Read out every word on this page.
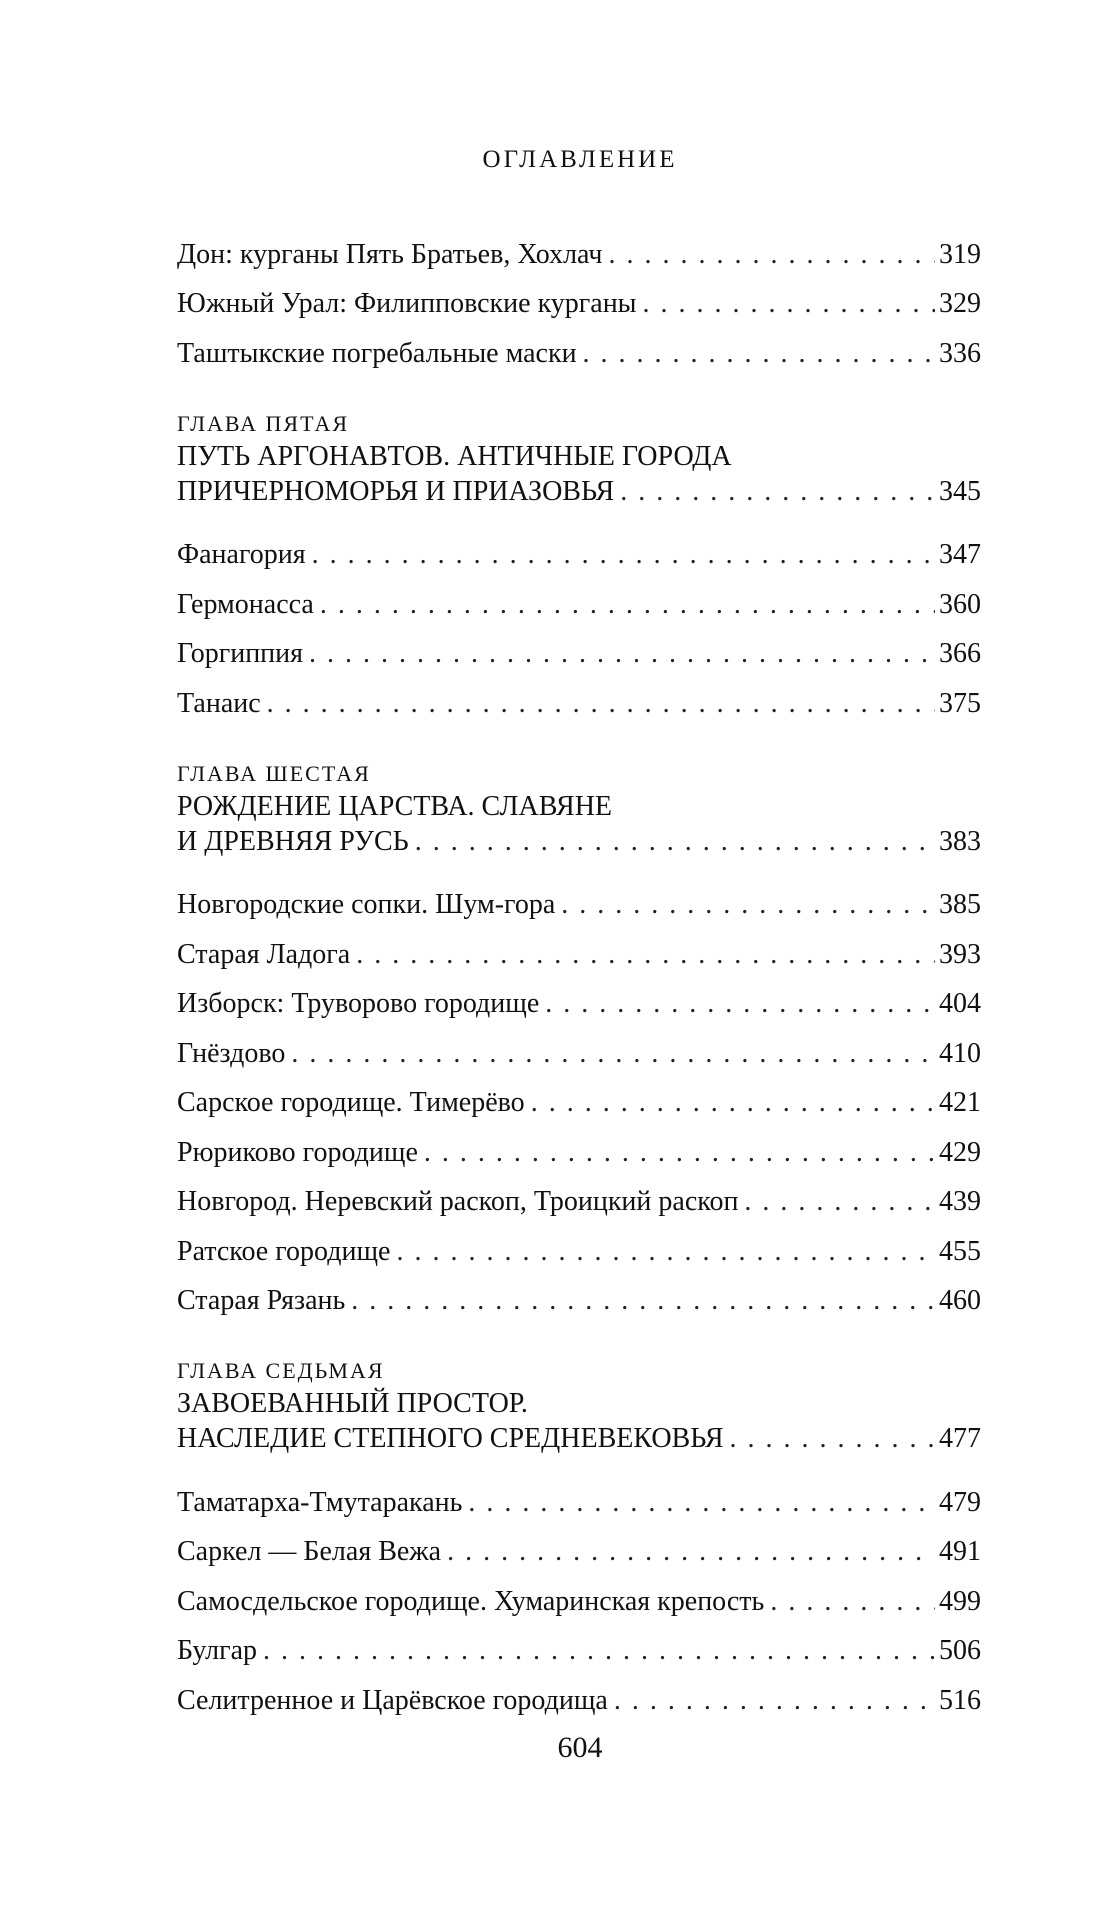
ОГЛАВЛЕНИЕ
Дон: курганы Пять Братьев, Хохлач . . .	319
Южный Урал: Филипповские курганы . . .	329
Таштыкские погребальные маски . . .	336
ГЛАВА ПЯТАЯ
ПУТЬ АРГОНАВТОВ. АНТИЧНЫЕ ГОРОДА
ПРИЧЕРНОМОРЬЯ И ПРИАЗОВЬЯ . . .	345
Фанагория . . .	347
Гермонасса . . .	360
Горгиппия . . .	366
Танаис . . .	375
ГЛАВА ШЕСТАЯ
РОЖДЕНИЕ ЦАРСТВА. СЛАВЯНЕ
И ДРЕВНЯЯ РУСЬ . . .	383
Новгородские сопки. Шум-гора . . .	385
Старая Ладога . . .	393
Изборск: Труворово городище . . .	404
Гнёздово . . .	410
Сарское городище. Тимерёво . . .	421
Рюриково городище . . .	429
Новгород. Неревский раскоп, Троицкий раскоп . . .	439
Ратское городище . . .	455
Старая Рязань . . .	460
ГЛАВА СЕДЬМАЯ
ЗАВОЕВАННЫЙ ПРОСТОР.
НАСЛЕДИЕ СТЕПНОГО СРЕДНЕВЕКОВЬЯ . . .	477
Таматарха-Тмутаракань . . .	479
Саркел — Белая Вежа . . .	491
Самосдельское городище. Хумаринская крепость . . .	499
Булгар . . .	506
Селитренное и Царёвское городища . . .	516
604
